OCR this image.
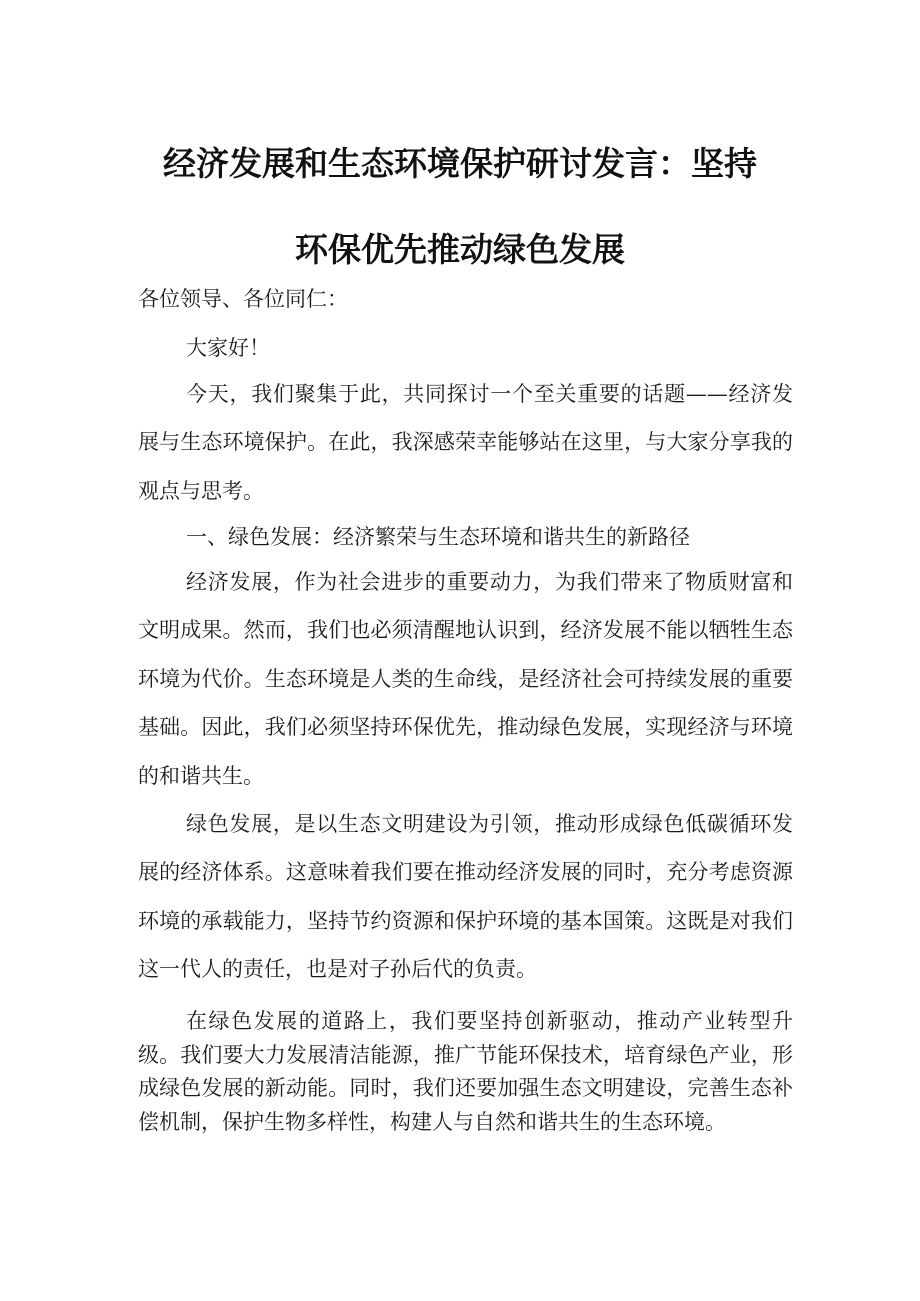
经济发展和生态环境保护研讨发言：坚持
环保优先推动绿色发展

各位领导、各位同仁：

大家好！

今天，我们聚集于此，共同探讨一个至关重要的话题——经济发展与生态环境保护。在此，我深感荣幸能够站在这里，与大家分享我的观点与思考。

一、绿色发展：经济繁荣与生态环境和谐共生的新路径

经济发展，作为社会进步的重要动力，为我们带来了物质财富和文明成果。然而，我们也必须清醒地认识到，经济发展不能以牺牲生态环境为代价。生态环境是人类的生命线，是经济社会可持续发展的重要基础。因此，我们必须坚持环保优先，推动绿色发展，实现经济与环境的和谐共生。

绿色发展，是以生态文明建设为引领，推动形成绿色低碳循环发展的经济体系。这意味着我们要在推动经济发展的同时，充分考虑资源环境的承载能力，坚持节约资源和保护环境的基本国策。这既是对我们这一代人的责任，也是对子孙后代的负责。

在绿色发展的道路上，我们要坚持创新驱动，推动产业转型升级。我们要大力发展清洁能源，推广节能环保技术，培育绿色产业，形成绿色发展的新动能。同时，我们还要加强生态文明建设，完善生态补偿机制，保护生物多样性，构建人与自然和谐共生的生态环境。
